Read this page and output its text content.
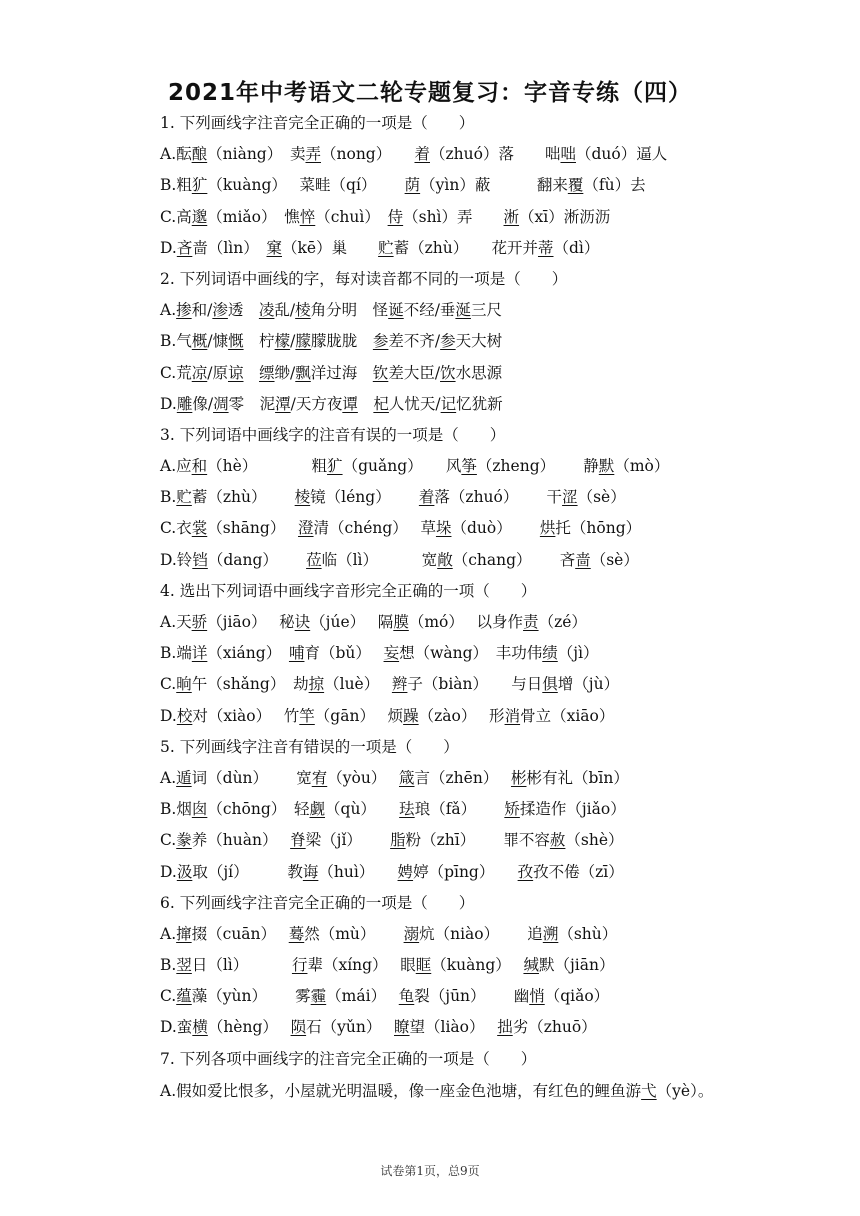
2021年中考语文二轮专题复习：字音专练（四）
1. 下列画线字注音完全正确的一项是（　　）
A.酝酿（niàng）　卖弄（nong）　　着（zhuó）落　　咄咄（duó）逼人
B.粗犷（kuàng）　 菜畦（qí）　 　荫（yìn）蔽　　　翻来覆（fù）去
C.高邈（miǎo）　憔悴（chuì）　侍（shì）弄　　淅（xī）淅沥沥
D.吝啬（lìn）　窠（kē）巢　　贮蓄（zhù）　　花开并蒂（dì）
2. 下列词语中画线的字，每对读音都不同的一项是（　　）
A.掺和/渗透　凌乱/棱角分明　怪诞不经/垂涎三尺
B.气概/慷慨　柠檬/朦朦胧胧　参差不齐/参天大树
C.荒凉/原谅　 缥缈/飘洋过海　钦差大臣/饮水思源
D.雕像/凋零　泥潭/天方夜谭　 杞人忧天/记忆犹新
3. 下列词语中画线字的注音有误的一项是（　　）
A.应和（hè）　　　　粗犷（guǎng）　　风筝（zheng）　　 静默（mò）
B.贮蓄（zhù）　　 棱镜（léng）　　 着落（zhuó）　　 干涩（sè）
C.衣裳（shāng）　 澄清（chéng）　 草垛（duò）　　 烘托（hōng）
D.铃铛（dang）　　 莅临（lì）　　 　宽敞（chang）　　 吝啬（sè）
4. 选出下列词语中画线字音形完全正确的一项（　　）
A.天骄（jiāo）　 秘诀（júe）　 隔膜（mó）　 以身作责（zé）
B.端详（xiáng）　哺育（bǔ）　 妄想（wàng）　丰功伟绩（jì）
C.晌午（shǎng）　劫掠（luè）　 辫子（biàn）　　与日俱增（jù）
D.校对（xiào）　 竹竿（gān）　 烦躁（zào）　 形消骨立（xiāo）
5. 下列画线字注音有错误的一项是（　　）
A.遁词（dùn）　　 宽宥（yòu）　 箴言（zhēn）　 彬彬有礼（bīn）
B.烟囱（chōng）　轻觑（qù）　　珐琅（fǎ）　　 矫揉造作（jiǎo）
C.豢养（huàn）　 脊梁（jǐ）　　 脂粉（zhī）　　 罪不容赦（shè）
D.汲取（jí）　　　教诲（huì）　　娉婷（pīng）　　孜孜不倦（zī）
6. 下列画线字注音完全正确的一项是（　　）
A.撺掇（cuān）　 蓦然（mù）　　 溺炕（niào）　　 追溯（shù）
B.翌日（lì）　　　 行辈（xíng）　 眼眶（kuàng）　 缄默（jiān）
C.蕴藻（yùn）　　 雾霾（mái）　 龟裂（jūn）　　 幽悄（qiǎo）
D.蛮横（hèng）　 陨石（yǔn）　 瞭望（liào）　 拙劣（zhuō）
7. 下列各项中画线字的注音完全正确的一项是（　　）
A.假如爱比恨多，小屋就光明温暖，像一座金色池塘，有红色的鲤鱼游弋（yè）。
试卷第1页，总9页
